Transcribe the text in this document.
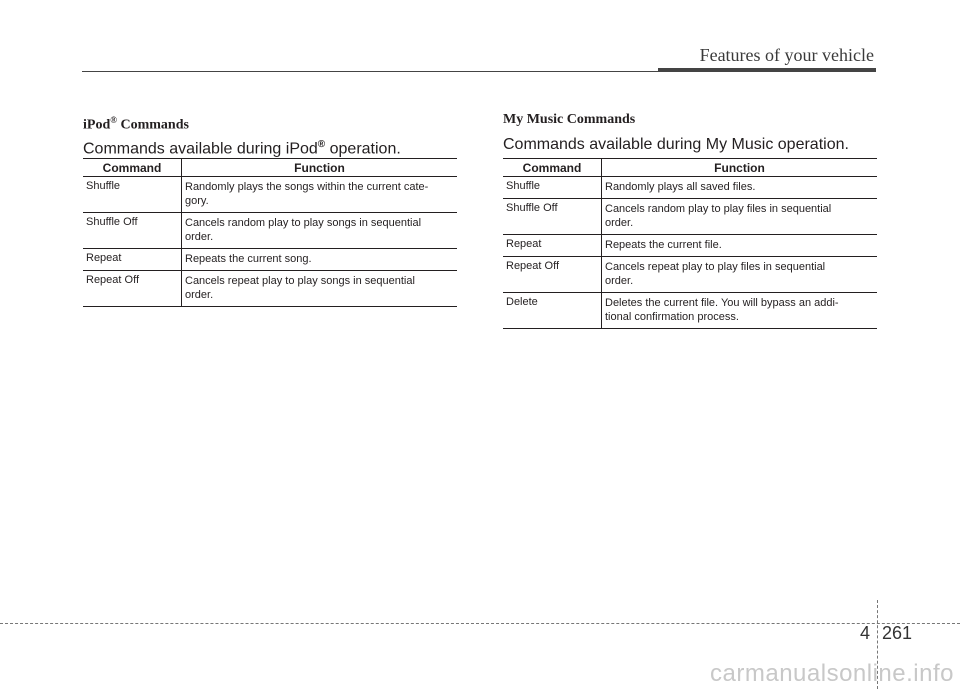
Features of your vehicle
iPod® Commands
Commands available during iPod® operation.
Command	Function
Shuffle	Randomly plays the songs within the current cate-
gory.

Shuffle Off	Cancels random play to play songs in sequential
order.

Repeat	Repeats the current song.
Repeat Off	Cancels repeat play to play songs in sequential
order.
My Music Commands
Commands available during My Music operation.
Command	Function
Shuffle	Randomly plays all saved files.
Shuffle Off	Cancels random play to play files in sequential
order.

Repeat	Repeats the current file.
Repeat Off	Cancels repeat play to play files in sequential
order.

Delete	Deletes the current file. You will bypass an addi-
tional confirmation process.
4 261
carmanualsonline.info
